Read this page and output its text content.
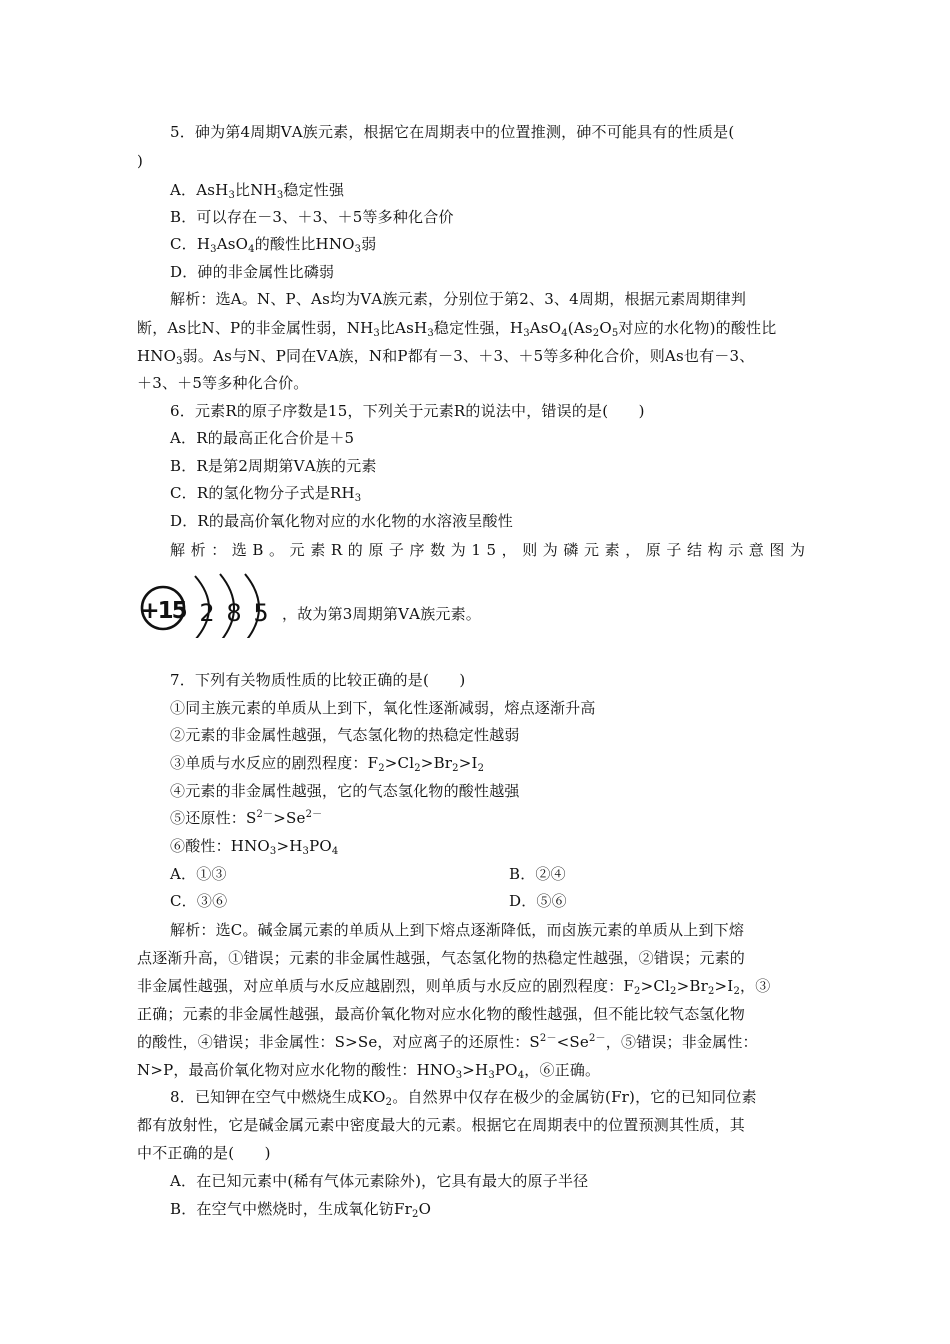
5．砷为第4周期ⅤA族元素，根据它在周期表中的位置推测，砷不可能具有的性质是(
)
A．AsH$_3$比$NH_3$稳定性强
B．可以存在－3、＋3、＋5等多种化合价
C．$H_3AsO_4$的酸性比$HNO_3$弱
D．砷的非金属性比磷弱
解析：选A。N、P、As均为ⅤA族元素，分别位于第2、3、4周期，根据元素周期律判
断，As比N、P的非金属性弱，$NH_3$比AsH$_3$稳定性强，$H_3AsO_4(As_2O_5$对应的水化物)的酸性比
$HNO_3$弱。As与N、P同在ⅤA族，N和P都有－3、＋3、＋5等多种化合价，则As也有－3、
＋3、＋5等多种化合价。
6．元素R的原子序数是15，下列关于元素R的说法中，错误的是(　　)
A．R的最高正化合价是＋5
B．R是第2周期第ⅤA族的元素
C．R的氢化物分子式是$RH_3$
D．R的最高价氧化物对应的水化物的水溶液呈酸性
解析：选B。元素R的原子序数为15，则为磷元素，原子结构示意图为
+15 2 8 5 ，故为第3周期第ⅤA族元素。
7．下列有关物质性质的比较正确的是(　　)
①同主族元素的单质从上到下，氧化性逐渐减弱，熔点逐渐升高
②元素的非金属性越强，气态氢化物的热稳定性越弱
③单质与水反应的剧烈程度：$F_2>Cl_2>Br_2>I_2$
④元素的非金属性越强，它的气态氢化物的酸性越强
⑤还原性：$S^{2-}>Se^{2-}$
⑥酸性：$HNO_3>H_3PO_4$
A．①③	B．②④
C．③⑥	D．⑤⑥
解析：选C。碱金属元素的单质从上到下熔点逐渐降低，而卤族元素的单质从上到下熔
点逐渐升高，①错误；元素的非金属性越强，气态氢化物的热稳定性越强，②错误；元素的
非金属性越强，对应单质与水反应越剧烈，则单质与水反应的剧烈程度：$F_2>Cl_2>Br_2>I_2$，③
正确；元素的非金属性越强，最高价氧化物对应水化物的酸性越强，但不能比较气态氢化物
的酸性，④错误；非金属性：S>Se，对应离子的还原性：$S^{2-}<Se^{2-}$，⑤错误；非金属性：
N>P，最高价氧化物对应水化物的酸性：$HNO_3>H_3PO_4$，⑥正确。
8．已知钾在空气中燃烧生成$KO_2$。自然界中仅存在极少的金属钫(Fr)，它的已知同位素
都有放射性，它是碱金属元素中密度最大的元素。根据它在周期表中的位置预测其性质，其
中不正确的是(　　)
A．在已知元素中(稀有气体元素除外)，它具有最大的原子半径
B．在空气中燃烧时，生成氧化钫$Fr_2O$
